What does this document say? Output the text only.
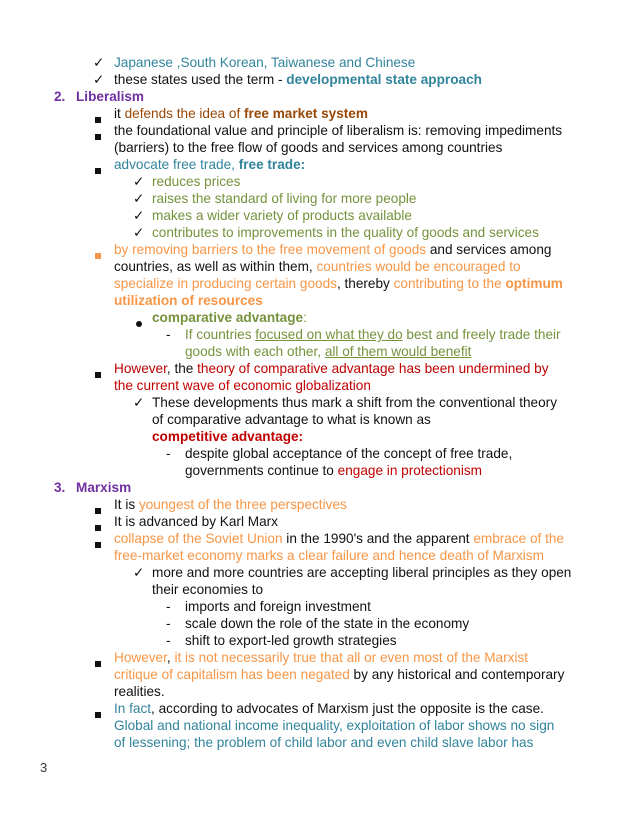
✓ Japanese ,South Korean, Taiwanese and Chinese
✓ these states used the term - developmental state approach
2. Liberalism
it defends the idea of free market system
the foundational value and principle of liberalism is: removing impediments
(barriers) to the free flow of goods and services among countries
advocate free trade, free trade:
✓ reduces prices
✓ raises the standard of living for more people
✓ makes a wider variety of products available
✓ contributes to improvements in the quality of goods and services
by removing barriers to the free movement of goods and services among
countries, as well as within them, countries would be encouraged to
specialize in producing certain goods, thereby contributing to the optimum
utilization of resources
comparative advantage:
- If countries focused on what they do best and freely trade their
goods with each other, all of them would benefit
However, the theory of comparative advantage has been undermined by
the current wave of economic globalization
✓ These developments thus mark a shift from the conventional theory
of comparative advantage to what is known as
competitive advantage:
- despite global acceptance of the concept of free trade,
governments continue to engage in protectionism
3. Marxism
It is youngest of the three perspectives
It is advanced by Karl Marx
collapse of the Soviet Union in the 1990's and the apparent embrace of the
free-market economy marks a clear failure and hence death of Marxism
✓ more and more countries are accepting liberal principles as they open
their economies to
- imports and foreign investment
- scale down the role of the state in the economy
- shift to export-led growth strategies
However, it is not necessarily true that all or even most of the Marxist
critique of capitalism has been negated by any historical and contemporary
realities.
In fact, according to advocates of Marxism just the opposite is the case.
Global and national income inequality, exploitation of labor shows no sign
of lessening; the problem of child labor and even child slave labor has
3
